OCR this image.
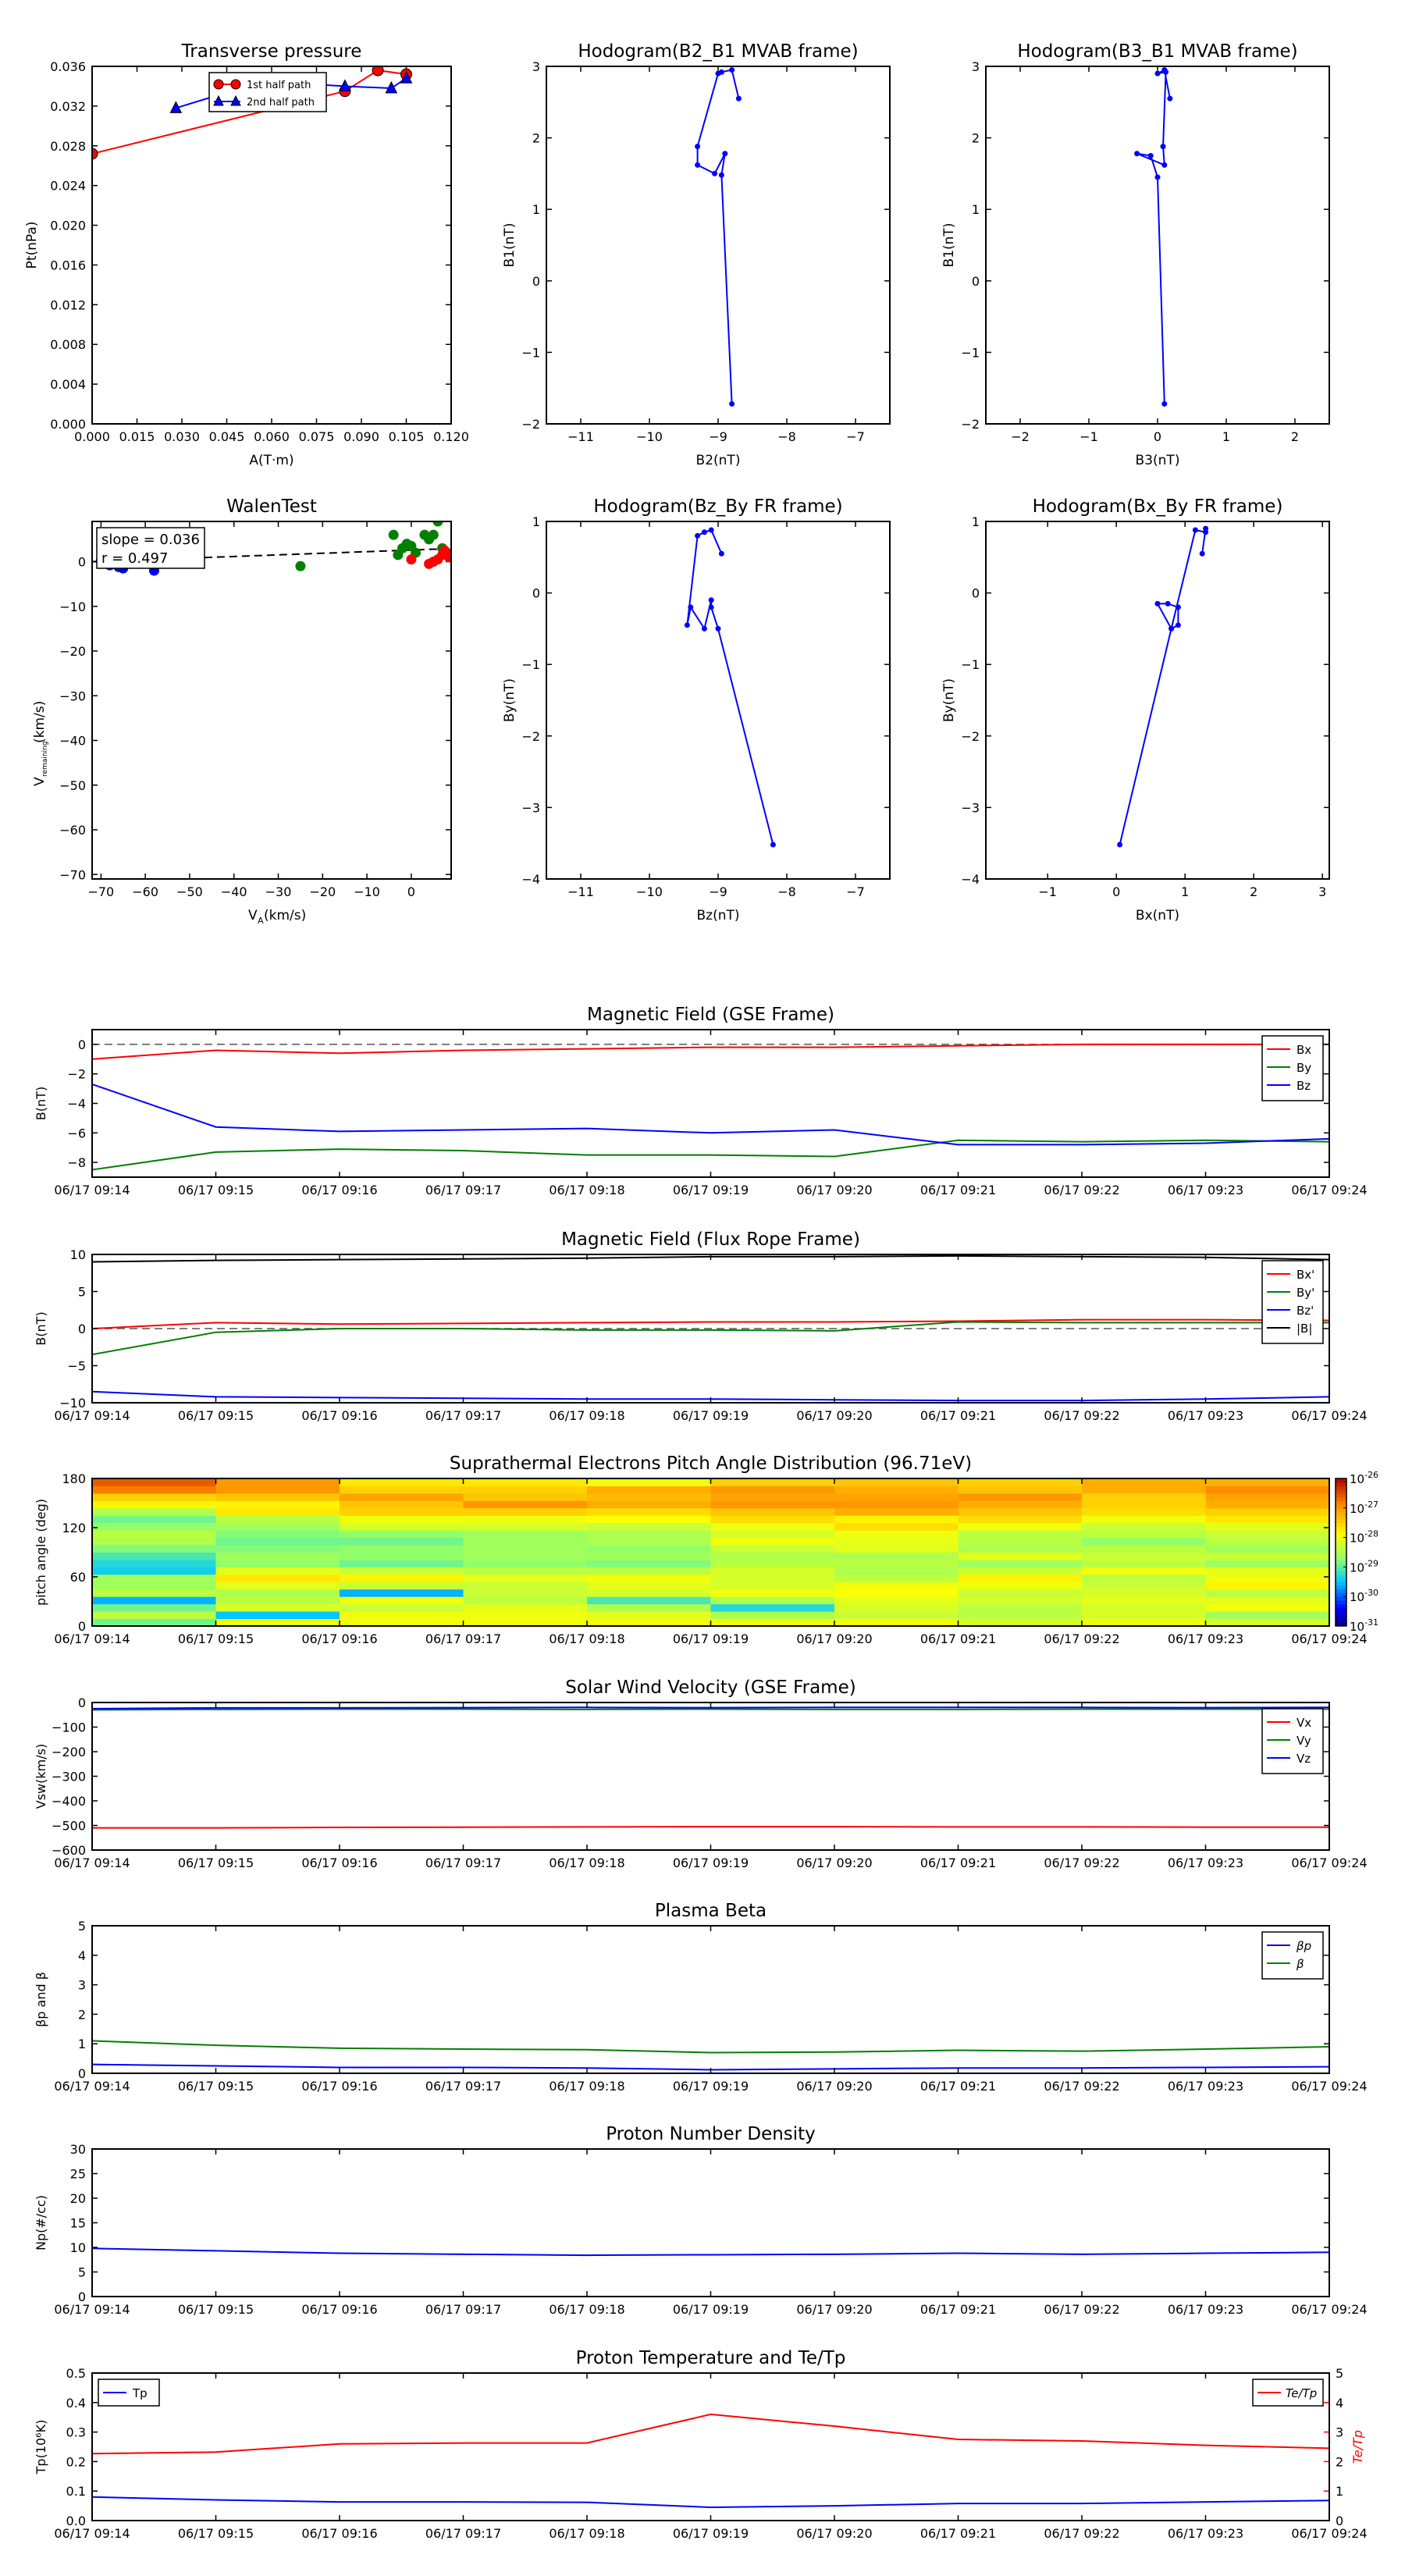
Transverse pressure
0.000 0.015 0.030 0.045 0.060 0.075 0.090 0.105 0.120
0.000
0.004
0.008
0.012
0.016
0.020
0.024
0.028
0.032
0.036
A(T·m)
Pt(nPa)
1st half path
2nd half path
Hodogram(B2_B1 MVAB frame)
−11	−10	−9	−8	−7
−2
−1
0
1
2
3
B2(nT)
B1(nT)
Hodogram(B3_B1 MVAB frame)
−2	−1	0	1	2
−2
−1
0
1
2
3
B3(nT)
B1(nT)
WalenTest
−70 −60 −50 −40 −30 −20 −10 0
−70
−60
−50
−40
−30
−20
−10
0
V A (km/s)
V
remaining
(km/s)
slope = 0.036
r = 0.497
Hodogram(Bz_By FR frame)
−11	−10	−9	−8	−7
−4
−3
−2
−1
0
1
Bz(nT)
By(nT)
Hodogram(Bx_By FR frame)
−1	0	1	2	3
−4
−3
−2
−1
0
1
Bx(nT)
By(nT)
Magnetic Field (GSE Frame)
06/17 09:14	06/17 09:15	06/17 09:16	06/17 09:17	06/17 09:18	06/17 09:19	06/17 09:20	06/17 09:21	06/17 09:22	06/17 09:23	06/17 09:24
−8
−6
−4
−2
0
B(nT)
Bx
By
Bz
Magnetic Field (Flux Rope Frame)
06/17 09:14	06/17 09:15	06/17 09:16	06/17 09:17	06/17 09:18	06/17 09:19	06/17 09:20	06/17 09:21	06/17 09:22	06/17 09:23	06/17 09:24
−10
−5
0
5
10
B(nT)
Bx'
By'
Bz'
|B|
Suprathermal Electrons Pitch Angle Distribution (96.71eV)
$10^{-26}$
$10^{-27}$
$10^{-28}$
$10^{-29}$
$10^{-30}$
$10^{-31}$
06/17 09:14	06/17 09:15	06/17 09:16	06/17 09:17	06/17 09:18	06/17 09:19	06/17 09:20	06/17 09:21	06/17 09:22	06/17 09:23	06/17 09:24
0
60
120
180
pitch angle (deg)
Solar Wind Velocity (GSE Frame)
06/17 09:14	06/17 09:15	06/17 09:16	06/17 09:17	06/17 09:18	06/17 09:19	06/17 09:20	06/17 09:21	06/17 09:22	06/17 09:23	06/17 09:24
−600
−500
−400
−300
−200
−100
0
Vsw(km/s)
Vx
Vy
Vz
Plasma Beta
06/17 09:14	06/17 09:15	06/17 09:16	06/17 09:17	06/17 09:18	06/17 09:19	06/17 09:20	06/17 09:21	06/17 09:22	06/17 09:23	06/17 09:24
0
1
2
3
4
5
βp and β
βp
β
Proton Number Density
06/17 09:14	06/17 09:15	06/17 09:16	06/17 09:17	06/17 09:18	06/17 09:19	06/17 09:20	06/17 09:21	06/17 09:22	06/17 09:23	06/17 09:24
0
5
10
15
20
25
30
Np(#/cc)
Proton Temperature and Te/Tp
06/17 09:14	06/17 09:15	06/17 09:16	06/17 09:17	06/17 09:18	06/17 09:19	06/17 09:20	06/17 09:21	06/17 09:22	06/17 09:23	06/17 09:24
0.0
0.1
0.2
0.3
0.4
0.5
0
1
2
3
4
5
Te/Tp
Tp(10⁶K)
Tp	Te/Tp
